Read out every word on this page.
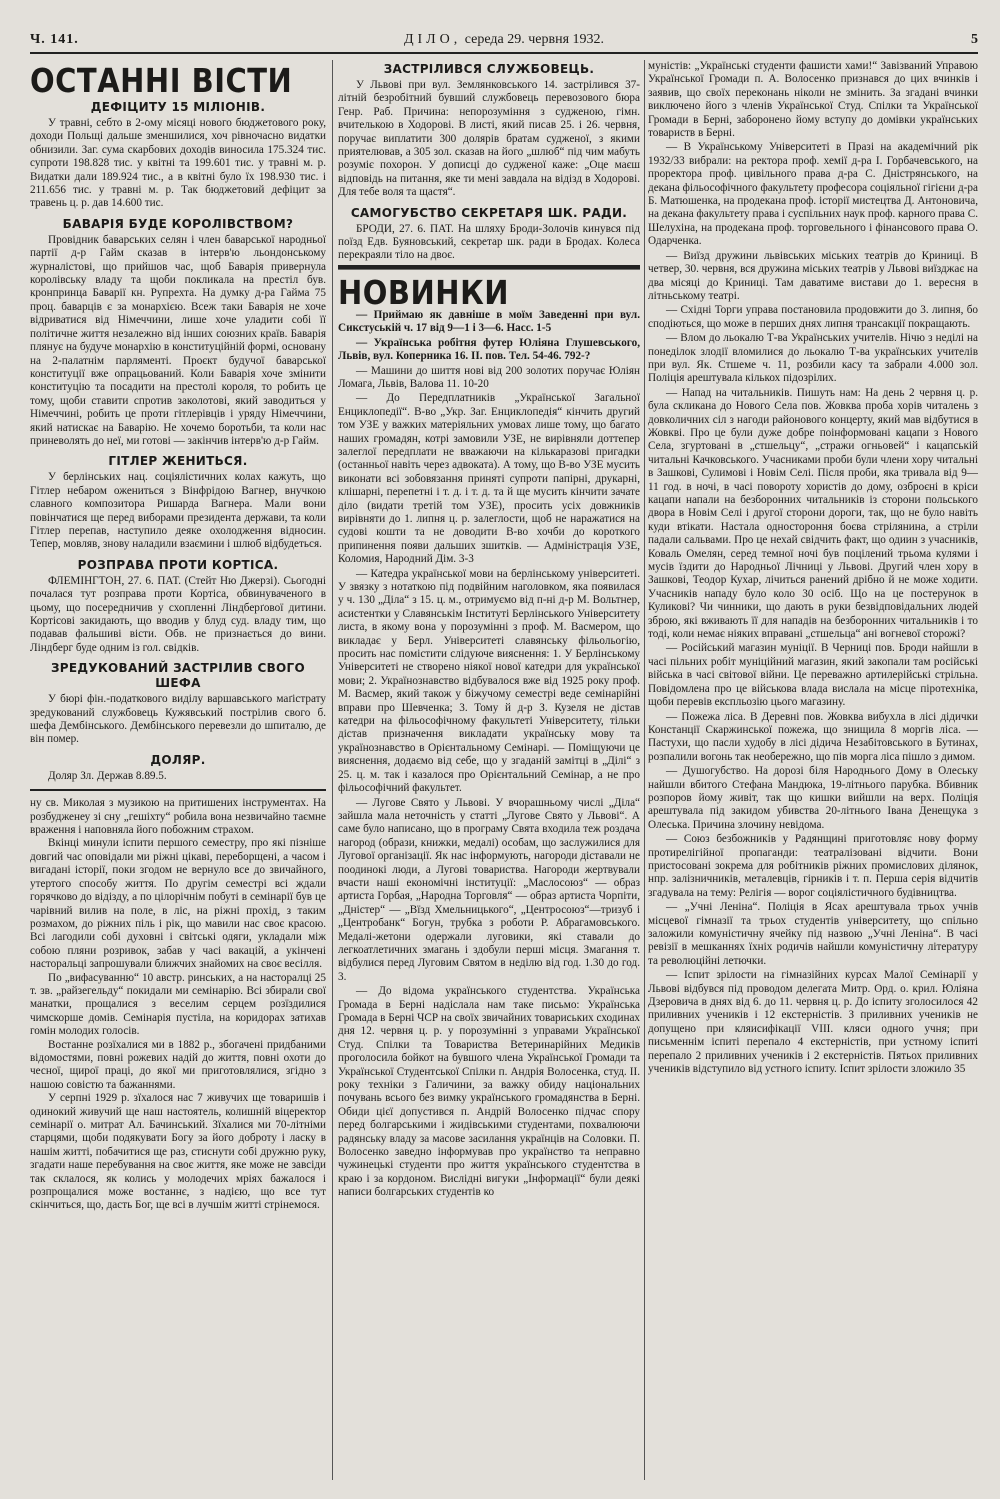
Ч. 141.	ДІЛО, середа 29. червня 1932.	5
ОСТАННІ ВІСТИ
ДЕФІЦИТУ 15 МІЛІОНІВ.

У травні, себто в 2-ому місяці нового бюджетового року, доходи Польщі дальше зменшилися, хоч рівночасно видатки обнизили. Заг. сума скарбових доходів виносила 175.324 тис. супроти 198.828 тис. у квітні та 199.601 тис. у травні м. р. Видатки дали 189.924 тис., а в квітні було їх 198.930 тис. і 211.656 тис. у травні м. р. Так бюджетовий дефіцит за травень ц. р. дав 14.600 тис.

БАВАРІЯ БУДЕ КОРОЛІВСТВОМ?

Провідник баварських селян і член баварської народньої партії д-р Гайм сказав в інтерв'ю льондонському журналістові, що прийшов час, щоб Баварія привернула королівську владу та щоби покликала на престіл був. кронпринца Баварії кн. Рупрехта. На думку д-ра Гайма 75 проц. баварців є за монархією. Всеж таки Баварія не хоче відриватися від Німеччини, лише хоче уладити собі її політичне життя незалежно від інших союзних країв. Баварія плянує на будуче монархію в конституційній формі, основану на 2-палатнім парляменті. Проєкт будучої баварської конституції вже опрацьований. Коли Баварія хоче змінити конституцію та посадити на престолі короля, то робить це тому, щоби ставити спротив заколотові, який заводиться у Німеччині, робить це проти гітлерівців і уряду Німеччини, який натискає на Баварію. Не хочемо боротьби, та коли нас приневолять до неї, ми готові — закінчив інтерв'ю д-р Гайм.

ГІТЛЕР ЖЕНИТЬСЯ.

У берлінських нац. соціялістичних колах кажуть, що Гітлер небаром ожениться з Вінфрідою Вагнер, внучкою славного композитора Ришарда Вагнера. Мали вони повінчатися ще перед виборами президента держави, та коли Гітлер перепав, наступило деяке охолодження відносин. Тепер, мовляв, знову наладили взаємини і шлюб відбудеться.

РОЗПРАВА ПРОТИ КОРТІСА.

ФЛЕМІНГТОН, 27. 6. ПАТ. (Стейт Ню Джерзі). Сьогодні почалася тут розправа проти Кортіса, обвинуваченого в цьому, що посередничив у схопленні Ліндберґової дитини. Кортісові закидають, що вводив у блуд суд. владу тим, що подавав фальшиві вісти. Обв. не признається до вини. Ліндберг буде одним із гол. свідків.

ЗРЕДУКОВАНИЙ ЗАСТРІЛИВ СВОГО ШЕФА

У бюрі фін.-податкового виділу варшавського маґістрату зредукований службовець Кужявський пострілив свого б. шефа Дембінського. Дембінського перевезли до шпиталю, де він помер.

ДОЛЯР.

Доляр Зл. Держав 8.89.5.

ну св. Миколая з музикою на притишених інструментах. На розбудженеу зі сну „гешіхту“ робила вона незвичайно таємне враження і наповняла його побожним страхом.

Вкінці минули іспити першого семестру, про які пізніше довгий час оповідали ми ріжні цікаві, переборщені, а часом і вигадані історії, поки згодом не вернуло все до звичайного, утертого способу життя. По другім семестрі всі ждали горячково до відізду, а по цілорічнім побуті в семінарії був це чарівний вилив на поле, в ліс, на ріжні прохід, з таким розмахом, до ріжних піль і рік, що мавили нас своє красою. Всі лагодили собі духовні і світські одяги, укладали між собою пляни розривок, забав у часі вакацій, а укінчені насторальці запрошували ближчих знайомих на своє весілля.

По „вифасуванню“ 10 австр. ринських, а на насторалці 25 т. зв. „райзегельду“ покидали ми семінарію. Всі збирали свої манатки, прощалися з веселим серцем розїздилися чимскорше домів. Семінарія пустіла, на коридорах затихав гомін молодих голосів.

Востанне розїхалися ми в 1882 р., збогачені придбаними відомостями, повні рожевих надій до життя, повні охоти до чесної, щирої праці, до якої ми приготовлялися, згідно з нашою совістю та бажаннями.

У серпні 1929 р. зїхалося нас 7 живучих ще товаришів і одинокий живучий ще наш настоятель, колишній віцеректор семінарії о. митрат Ал. Бачинський. Зїхалися ми 70-літніми старцями, щоби подякувати Богу за його доброту і ласку в нашім житті, побачитися ще раз, стиснути собі дружню руку, згадати наше перебування на своє життя, яке може не завсіди так склалося, як колись у молодечих мріях бажалося і розпрощалися може востаннє, з надією, що все тут скінчиться, що, дасть Бог, ще всі в лучшім житті стрінемося.

ЗАСТРІЛИВСЯ СЛУЖБОВЕЦЬ.

У Львові при вул. Землянковського 14. застрілився 37-літній безробітний бувший службовець перевозового бюра Генр. Раб. Причина: непорозуміння з судженою, гімн. вчителькою в Ходорові. В листі, який писав 25. і 26. червня, поручає виплатити 300 долярів братам судженої, з якими приятелював, а 305 зол. сказав на його „шлюб“ під чим мабуть розуміє похорон. У дописці до судженої каже: „Оце маєш відповідь на питання, яке ти мені завдала на відізд в Ходорові. Для тебе воля та щастя“.

САМОГУБСТВО СЕКРЕТАРЯ ШК. РАДИ.

БРОДИ, 27. 6. ПАТ. На шляху Броди-Золочів кинувся під поїзд Едв. Буяновський, секретар шк. ради в Бродах. Колеса перекраяли тіло на двоє.

НОВИНКИ

— Приймаю як давніше в моїм Заведенні при вул. Сикстуській ч. 17 від 9—1 і 3—6. Насс. 1-5

— Українська робітня футер Юліяна Глушевського, Львів, вул. Коперника 16. II. пов. Тел. 54-46. 792-?

— Машини до шиття нові від 200 золотих поручає Юліян Ломага, Львів, Валова 11. 10-20

— До Передплатників „Української Загальної Енциклопедії“. В-во „Укр. Заг. Енциклопедія“ кінчить другий том УЗЕ у важких матеріяльних умовах лише тому, що багато наших громадян, котрі замовили УЗЕ, не вирівняли доттепер залеглої передплати не вважаючи на кількаразові пригадки (останньої навіть через адвоката). А тому, що В-во УЗЕ мусить виконати всі зобовязання приняті супроти папірні, друкарні, клішарні, перепетні і т. д. і т. д. та й ще мусить кінчити зачате діло (видати третій том УЗЕ), просить усіх довжників вирівняти до 1. липня ц. р. залеглости, щоб не наражатися на судові кошти та не доводити В-во хочби до короткого припинення появи дальших зшитків. — Адміністрація УЗЕ, Коломия, Народний Дім. 3-3

— Катедра української мови на берлінському університеті. У звязку з нотаткою під подвійним наголовком, яка появилася у ч. 130 „Діла“ з 15. ц. м., отримуємо від п-ні д-р М. Вольтнер, асистентки у Славянськім Інституті Берлінського Університету листа, в якому вона у порозумінні з проф. М. Васмером, що викладає у Берл. Університеті славянську фільольогію, просить нас помістити слідуюче вияснення: 1. У Берлінському Університеті не створено ніякої нової катедри для української мови; 2. Українознавство відбувалося вже від 1925 року проф. М. Васмер, який також у біжучому семестрі веде семінарійні вправи про Шевченка; 3. Тому й д-р З. Кузеля не дістав катедри на фільософічному факультеті Університету, тільки дістав призначення викладати українську мову та українознавство в Орієнтальному Семінарі. — Поміщуючи це вияснення, додаємо від себе, що у згаданій замітці в „Ділі“ з 25. ц. м. так і казалося про Орієнтальний Семінар, а не про фільософічний факультет.

— Лугове Свято у Львові. У вчорашньому числі „Діла“ зайшла мала неточність у статті „Лугове Свято у Львові“. А саме було написано, що в програму Свята входила теж роздача нагород (образи, книжки, медалі) особам, що заслужилися для Лугової організації. Як нас інформують, нагороди діставали не поодинокі люди, а Лугові товариства. Нагороди жертвували вчасти наші економічні інституції: „Маслосоюз“ — образ артиста Горбая, „Народна Торговля“ — образ артиста Чорпіти, „Дністер“ — „Вїзд Хмельницького“, „Центросоюз“—тризуб і „Центробанк“ Богун, трубка з роботи Р. Абрагамовського. Медалі-жетони одержали луговики, які ставали до легкоатлетичних змагань і здобули перші місця. Змагання т. відбулися перед Луговим Святом в неділю від год. 1.30 до год. 3.

— До відома українського студентства. Українська Громада в Берні надіслала нам таке письмо: Українська Громада в Берні ЧСР на своїх звичайних товариських сходинах дня 12. червня ц. р. у порозумінні з управами Української Студ. Спілки та Товариства Ветеринарійних Медиків проголосила бойкот на бувшого члена Української Громади та Української Студентської Спілки п. Андрія Волосенка, студ. II. року техніки з Галичини, за важку обиду національних почувань всього без вимку українського громадянства в Берні. Обиди цієї допустився п. Андрій Волосенко підчас спору перед болгарськими і жидівськими студентами, похвалюючи радянську владу за масове засилання українців на Соловки. П. Волосенко заведно інформував про українство та неправно чужинецькі студенти про життя українського студентства в краю і за кордоном. Вислідні вигуки „Інформації“ були деякі написи болгарських студентів ко

муністів: „Українські студенти фашисти хами!“ Завізваний Управою Української Громади п. А. Волосенко признався до цих вчинків і заявив, що своїх переконань ніколи не змінить. За згадані вчинки виключено його з членів Української Студ. Спілки та Української Громади в Берні, заборонено йому вступу до домівки українських товариств в Берні.

— В Українському Університеті в Празі на академічний рік 1932/33 вибрали: на ректора проф. хемії д-ра І. Горбачевського, на проректора проф. цивільного права д-ра С. Дністрянського, на декана фільософічного факультету професора соціяльної гігієни д-ра Б. Матюшенка, на продекана проф. історії мистецтва Д. Антоновича, на декана факультету права і суспільних наук проф. карного права С. Шелухіна, на продекана проф. торговельного і фінансового права О. Одарченка.

— Виїзд дружини львівських міських театрів до Криниці. В четвер, 30. червня, вся дружина міських театрів у Львові виїзджає на два місяці до Криниці. Там даватиме вистави до 1. вересня в літньському театрі.

— Східні Торги управа постановила продовжити до 3. липня, бо сподіються, що може в перших днях липня трансакції покращають.

— Влом до льокалю Т-ва Українських учителів. Нічю з неділі на понеділок злодії вломилися до льокалю Т-ва українських учителів при вул. Як. Стшеме ч. 11, розбили касу та забрали 4.000 зол. Поліція арештувала кількох підозрілих.

— Напад на читальників. Пишуть нам: На день 2 червня ц. р. була скликана до Нового Села пов. Жовква проба хорів читалень з довколичних сіл з нагоди районового концерту, який мав відбутися в Жовкві. Про це були дуже добре поінформовані кацапи з Нового Села, згуртовані в „стшельцу“, „стражи огньовей“ і кацапській читальні Качковського. Учасниками проби були члени хору читальні в Зашкові, Сулимові і Новім Селі. Після проби, яка тривала від 9—11 год. в ночі, в часі повороту хористів до дому, озброєні в кріси кацапи напали на безборонних читальників із сторони польського двора в Новім Селі і другої сторони дороги, так, що не було навіть куди втікати. Настала одностороння боєва стрілянина, а стріли падали сальвами. Про це нехай свідчить факт, що одиин з учасників, Коваль Омелян, серед темної ночі був поцілений трьома кулями і мусів їздити до Народньої Лічниці у Львові. Другий член хору в Зашкові, Теодор Кухар, лічиться ранений дрібно й не може ходити. Учасників нападу було коло 30 осіб. Що на це постерунок в Куликові? Чи чинники, що дають в руки безвідповідальних людей зброю, які вживають її для нападів на безборонних читальників і то тоді, коли немає ніяких вправані „стшельца“ ані вогневої сторожі?

— Російський магазин муніції. В Черниці пов. Броди найшли в часі пільних робіт муніційний магазин, який закопали там російські війська в часі світової війни. Це переважно артилерійські стрільна. Повідомлена про це військова влада вислала на місце піротехніка, щоби перевів експльозію цього магазину.

— Пожежа ліса. В Деревні пов. Жовква вибухла в лісі дідички Констанції Скаржинської пожежа, що знищила 8 моргів ліса. — Пастухи, що пасли худобу в лісі дідича Незабітовського в Бутинах, розпалили вогонь так необережно, що пів морга ліса пішло з димом.

— Душогубство. На дорозі біля Народнього Дому в Олеську найшли вбитого Стефана Мандюка, 19-літнього парубка. Вбивник розпоров йому живіт, так що кишки вийшли на верх. Поліція арештувала під закидом убивства 20-літнього Івана Денещука з Олеська. Причина злочину невідома.

— Союз безбожників у Радянщині приготовляє нову форму протирелігійної пропаганди: театралізовані відчити. Вони пристосовані зокрема для робітників ріжних промислових ділянок, нпр. залізничників, металевців, гірників і т. п. Перша серія відчитів згадувала на тему: Релігія — ворог соціялістичного будівництва.

— „Учні Леніна“. Поліція в Ясах арештувала трьох учнів місцевої гімназії та трьох студентів університету, що спільно заложили комуністичну ячейку під назвою „Учні Леніна“. В часі ревізії в мешканнях їхніх родичів найшли комуністичну літературу та революційні летючки.

— Іспит зрілости на гімназійних курсах Малої Семінарії у Львові відбувся під проводом делегата Митр. Орд. о. крил. Юліяна Дзеровича в днях від 6. до 11. червня ц. р. До іспиту зголосилося 42 приливних учеників і 12 екстерністів. З приливних учеників не допущено при кляисифікації VIII. кляси одного учня; при письменнім іспиті перепало 4 екстерністів, при устному іспиті перепало 2 приливних учеників і 2 екстерністів. Пятьох приливних учеників відступило від устного іспиту. Іспит зрілости зложило 35
